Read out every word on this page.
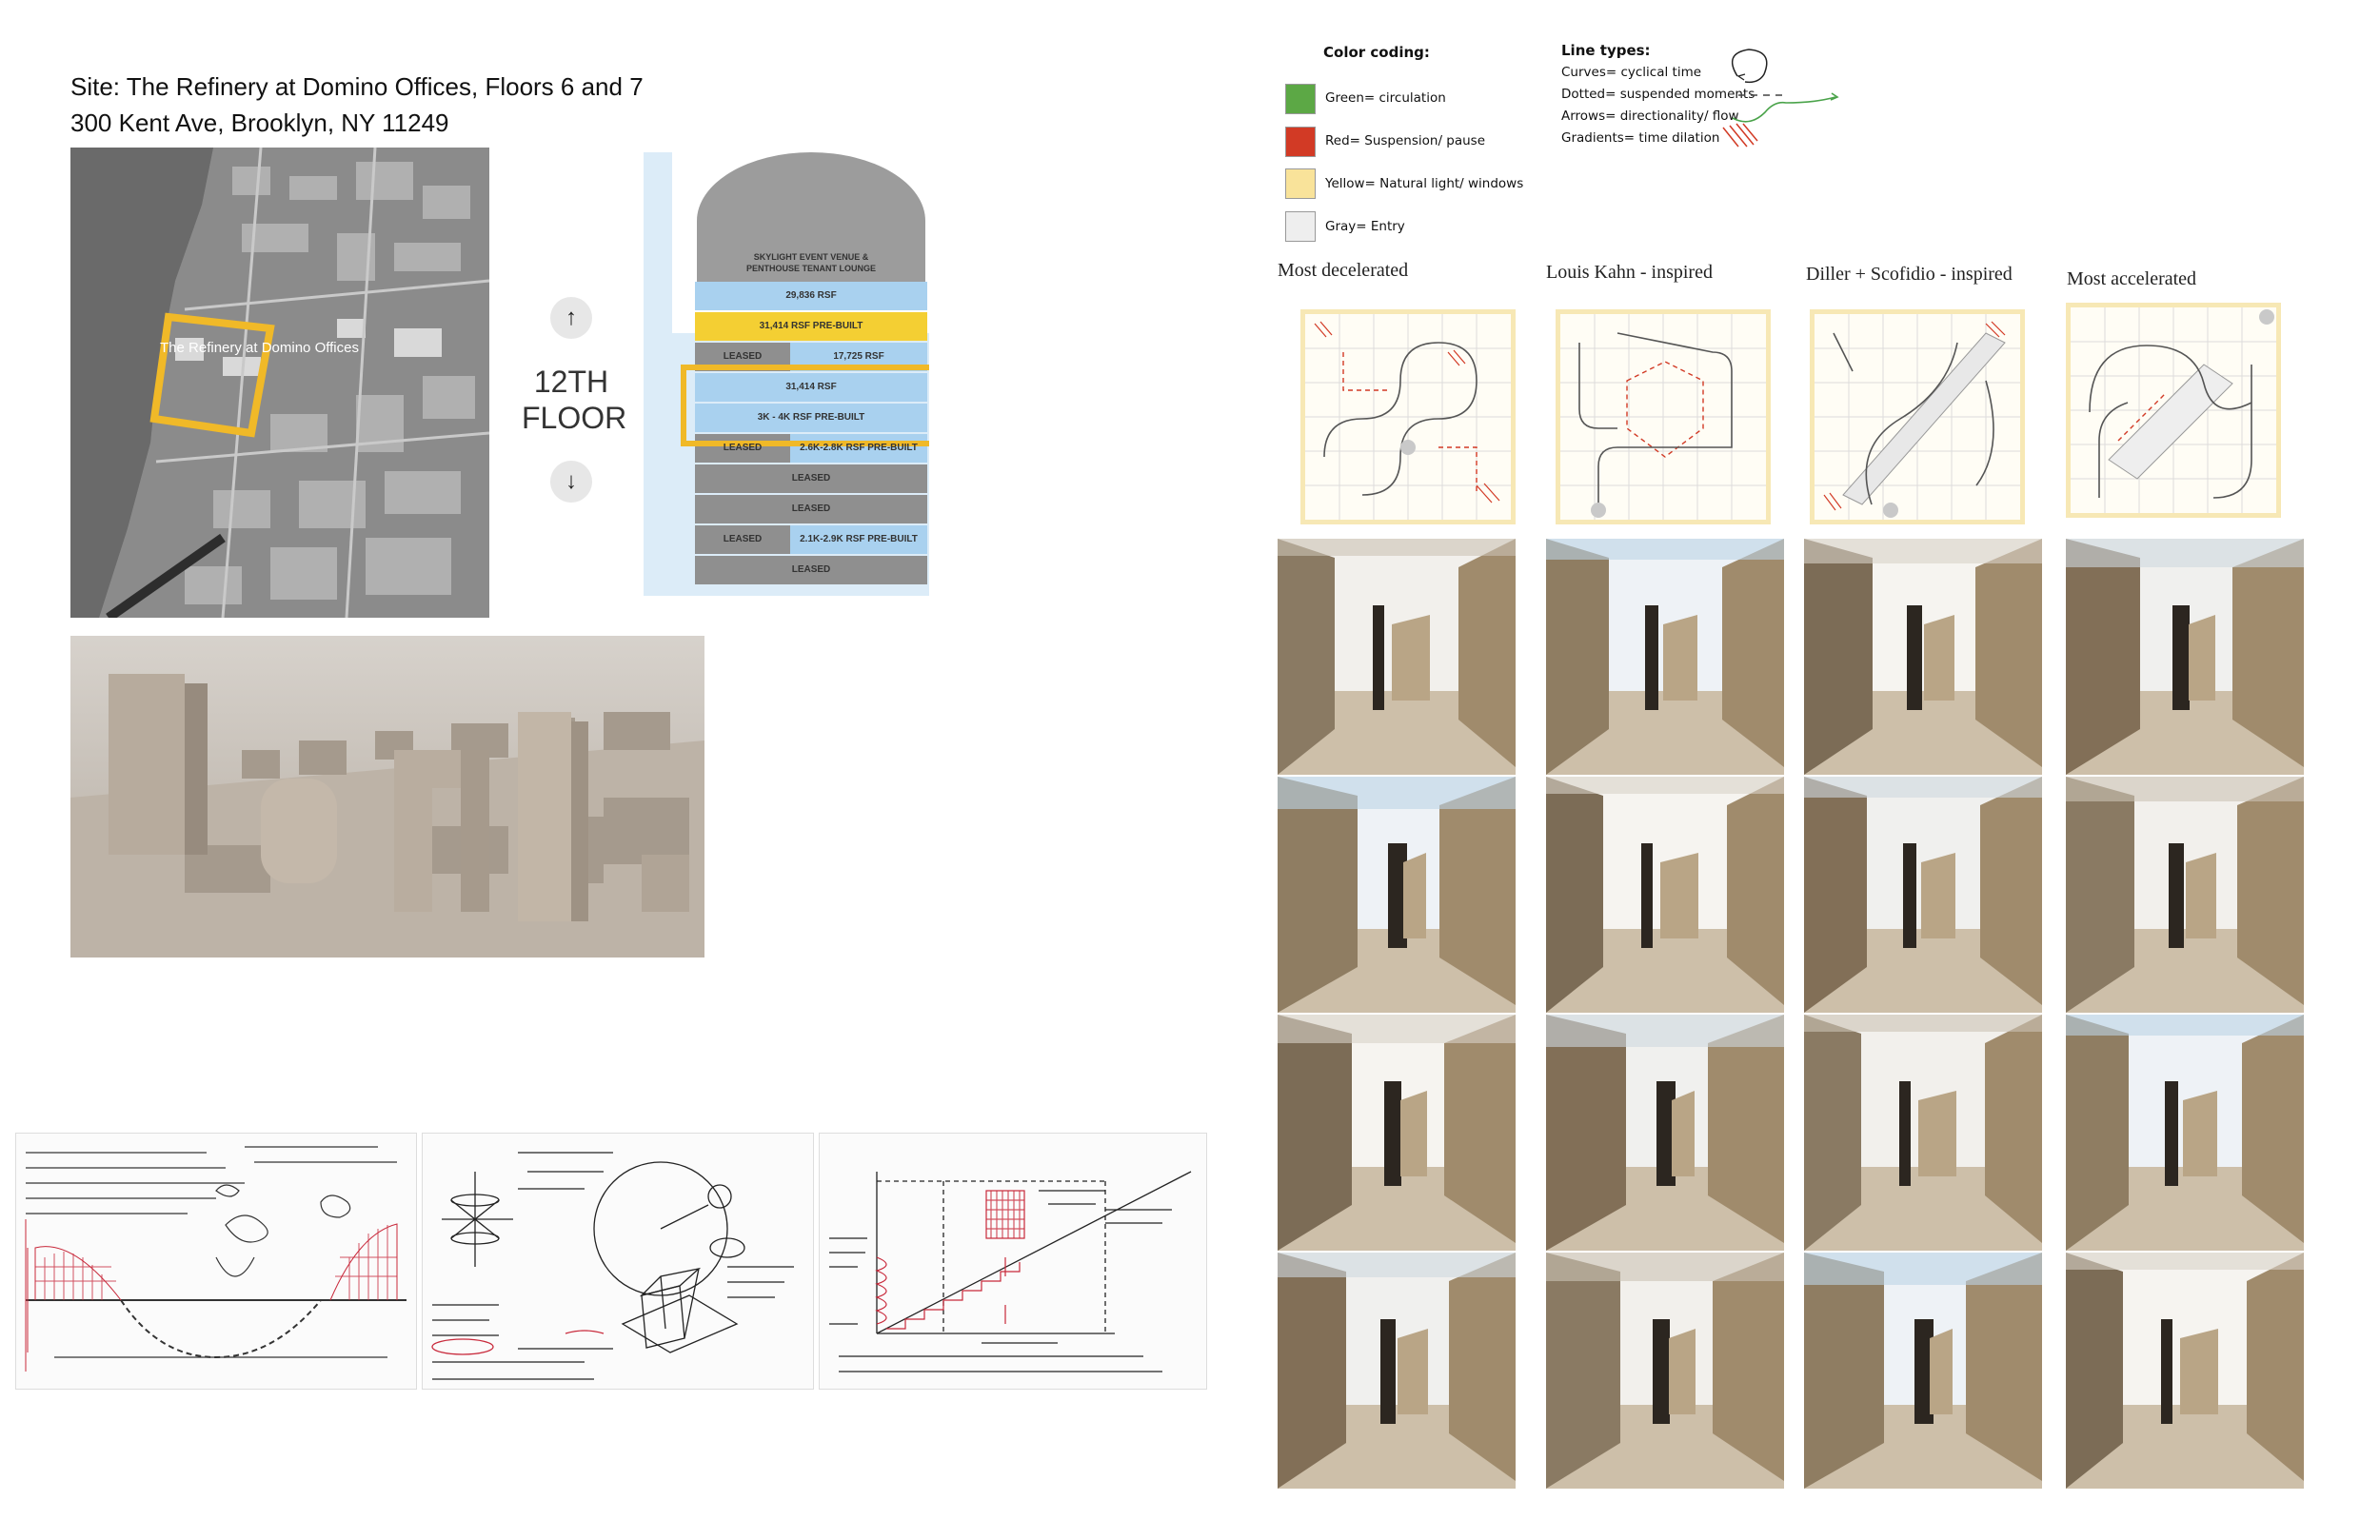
Site: The Refinery at Domino Offices, Floors 6 and 7
300 Kent Ave, Brooklyn, NY 11249
The Refinery at Domino Offices
↑
12TH
FLOOR
↓
SKYLIGHT EVENT VENUE &
PENTHOUSE TENANT LOUNGE
29,836 RSF
31,414 RSF PRE-BUILT
LEASED	17,725 RSF
31,414 RSF
3K - 4K RSF PRE-BUILT
LEASED	2.6K-2.8K RSF PRE-BUILT
LEASED
LEASED
LEASED	2.1K-2.9K RSF PRE-BUILT
LEASED
Color coding:
Green= circulation
Red= Suspension/ pause
Yellow= Natural light/ windows
Gray= Entry
Line types:
Curves= cyclical time
Dotted= suspended moments
Arrows= directionality/ flow
Gradients= time dilation
Most decelerated	Louis Kahn - inspired	Diller + Scofidio - inspired	Most accelerated
